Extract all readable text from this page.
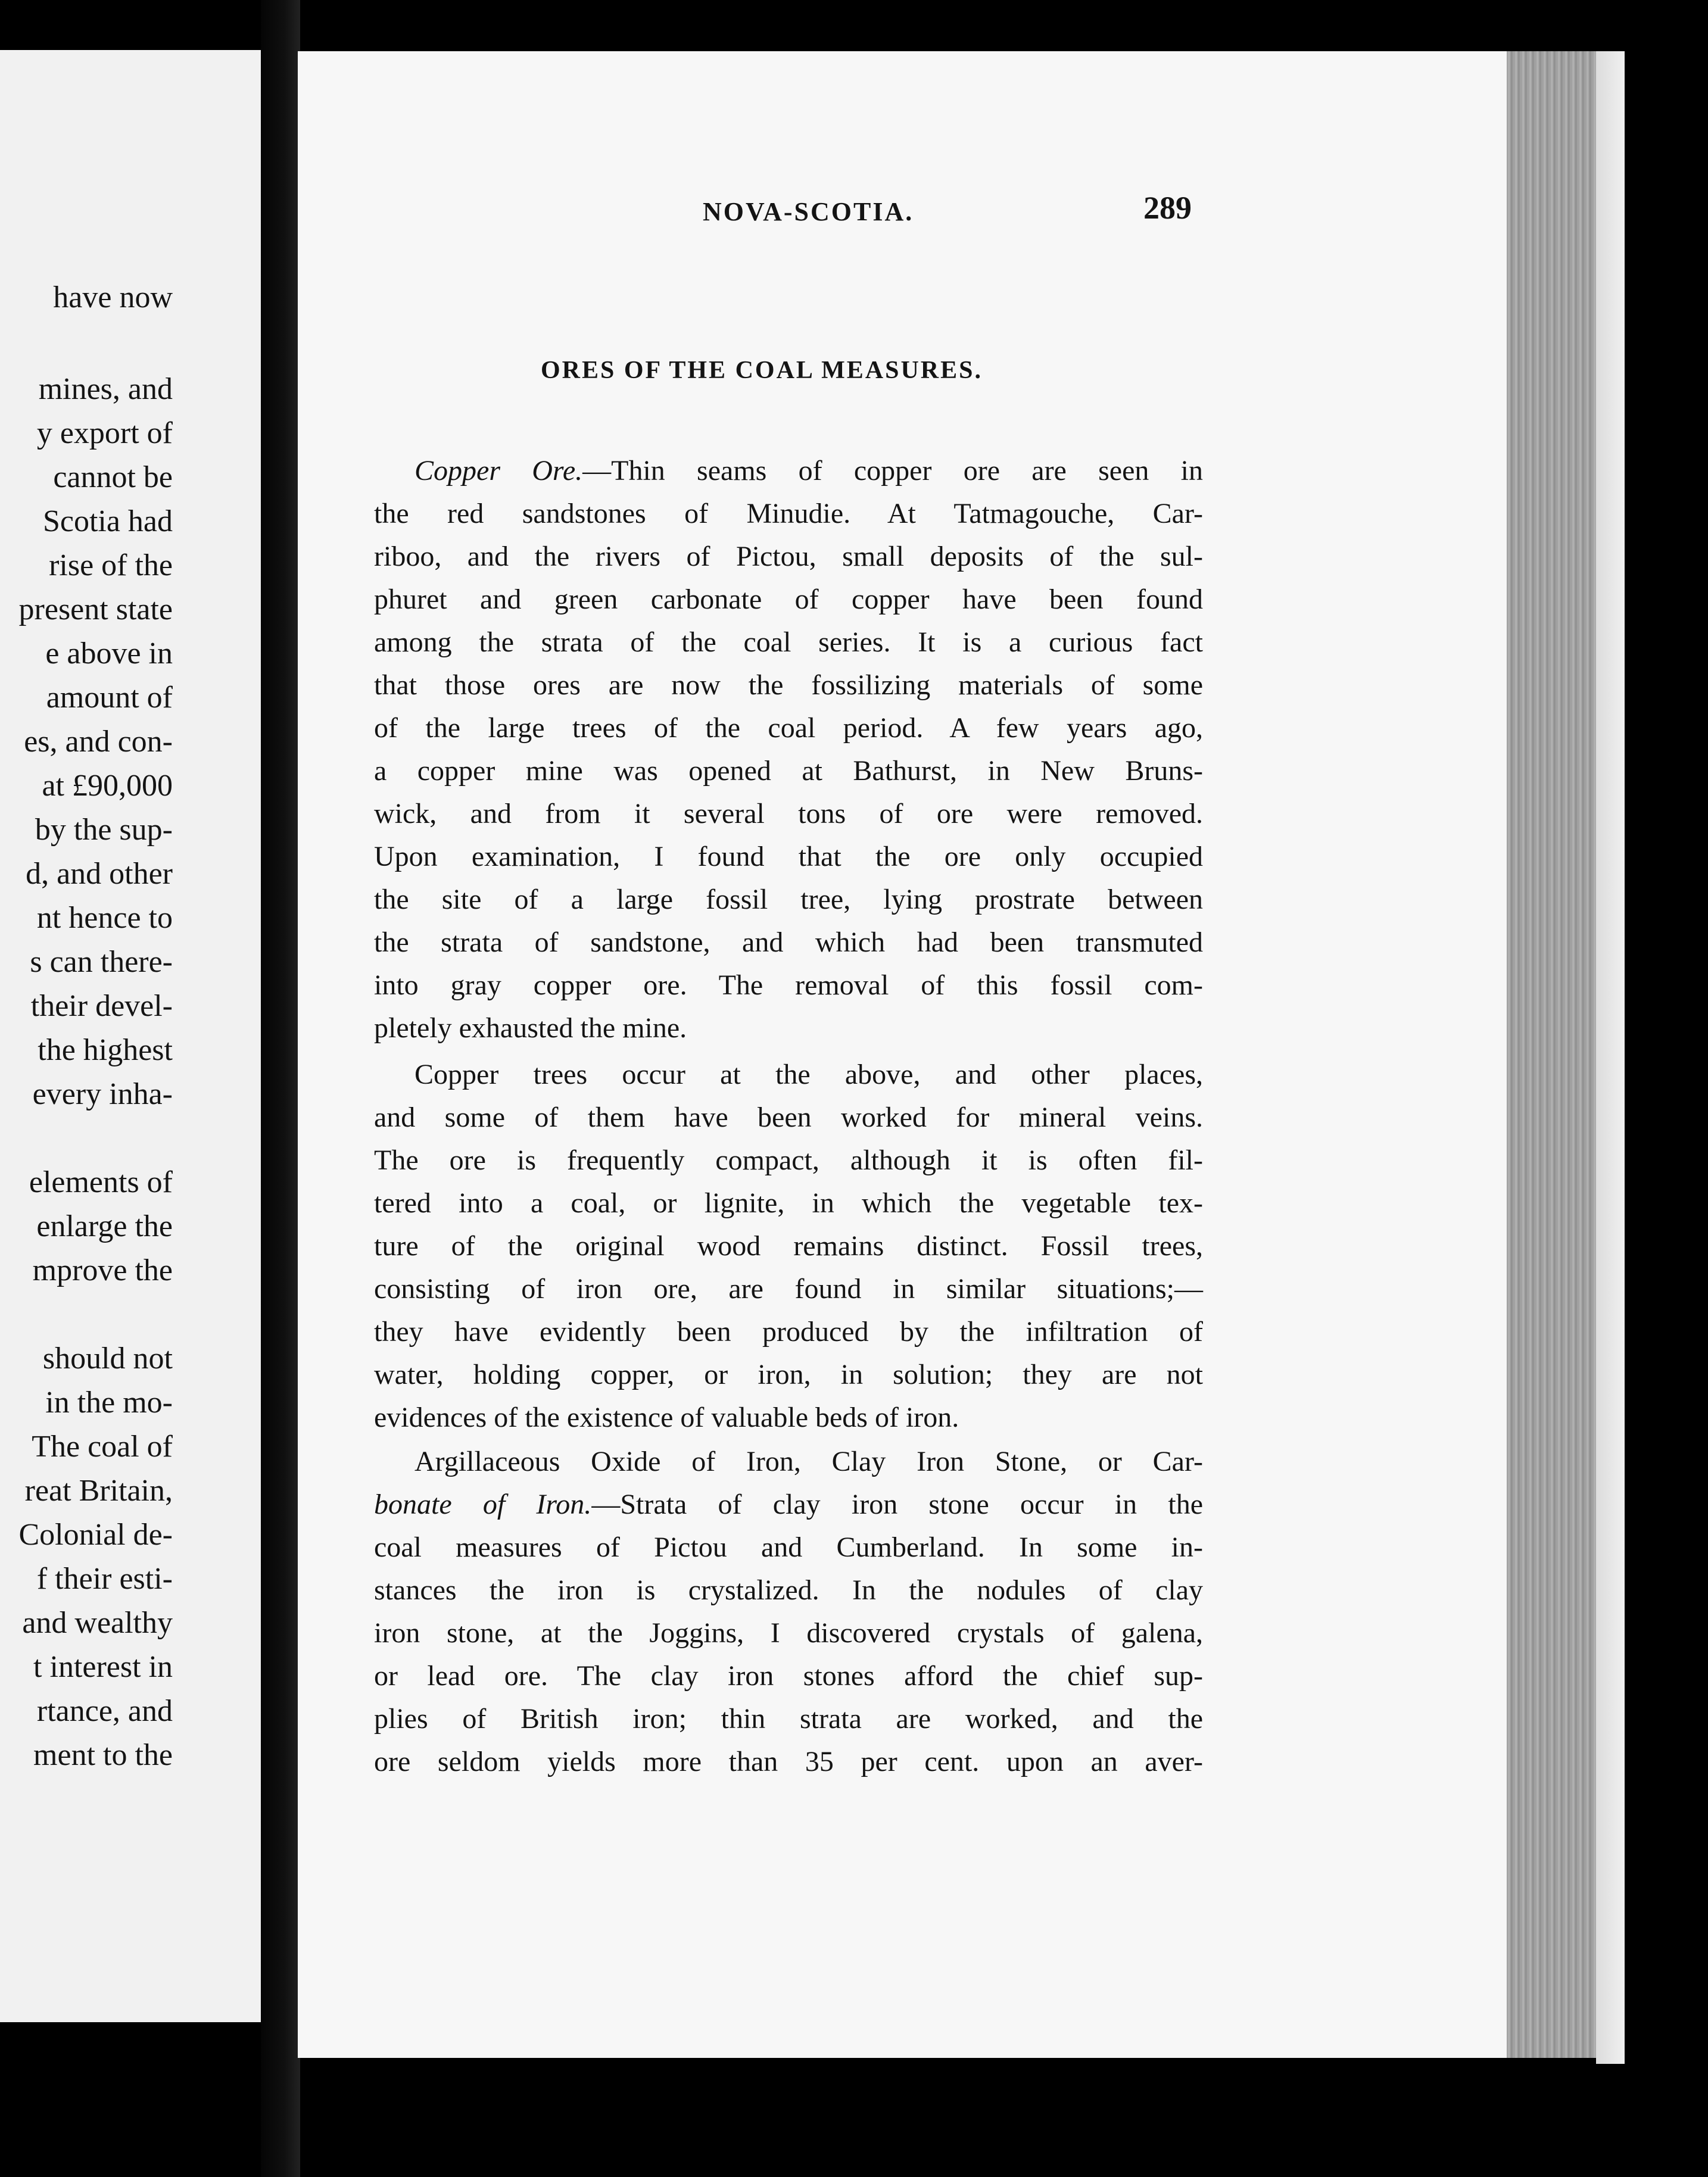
have now
mines, and
y export of
cannot be
Scotia had
rise of the
present state
e above in
amount of
es, and con-
at £90,000
by the sup-
d, and other
nt hence to
s can there-
their devel-
the highest
every inha-
elements of
enlarge the
mprove the
should not
in the mo-
The coal of
reat Britain,
Colonial de-
f their esti-
and wealthy
t interest in
rtance, and
ment to the
NOVA-SCOTIA.	289
ORES OF THE COAL MEASURES.
Copper Ore.—Thin seams of copper ore are seen in
the red sandstones of Minudie. At Tatmagouche, Car-
riboo, and the rivers of Pictou, small deposits of the sul-
phuret and green carbonate of copper have been found
among the strata of the coal series. It is a curious fact
that those ores are now the fossilizing materials of some
of the large trees of the coal period. A few years ago,
a copper mine was opened at Bathurst, in New Bruns-
wick, and from it several tons of ore were removed.
Upon examination, I found that the ore only occupied
the site of a large fossil tree, lying prostrate between
the strata of sandstone, and which had been transmuted
into gray copper ore. The removal of this fossil com-
pletely exhausted the mine.
Copper trees occur at the above, and other places,
and some of them have been worked for mineral veins.
The ore is frequently compact, although it is often fil-
tered into a coal, or lignite, in which the vegetable tex-
ture of the original wood remains distinct. Fossil trees,
consisting of iron ore, are found in similar situations;—
they have evidently been produced by the infiltration of
water, holding copper, or iron, in solution; they are not
evidences of the existence of valuable beds of iron.
Argillaceous Oxide of Iron, Clay Iron Stone, or Car-
bonate of Iron.—Strata of clay iron stone occur in the
coal measures of Pictou and Cumberland. In some in-
stances the iron is crystalized. In the nodules of clay
iron stone, at the Joggins, I discovered crystals of galena,
or lead ore. The clay iron stones afford the chief sup-
plies of British iron; thin strata are worked, and the
ore seldom yields more than 35 per cent. upon an aver-
